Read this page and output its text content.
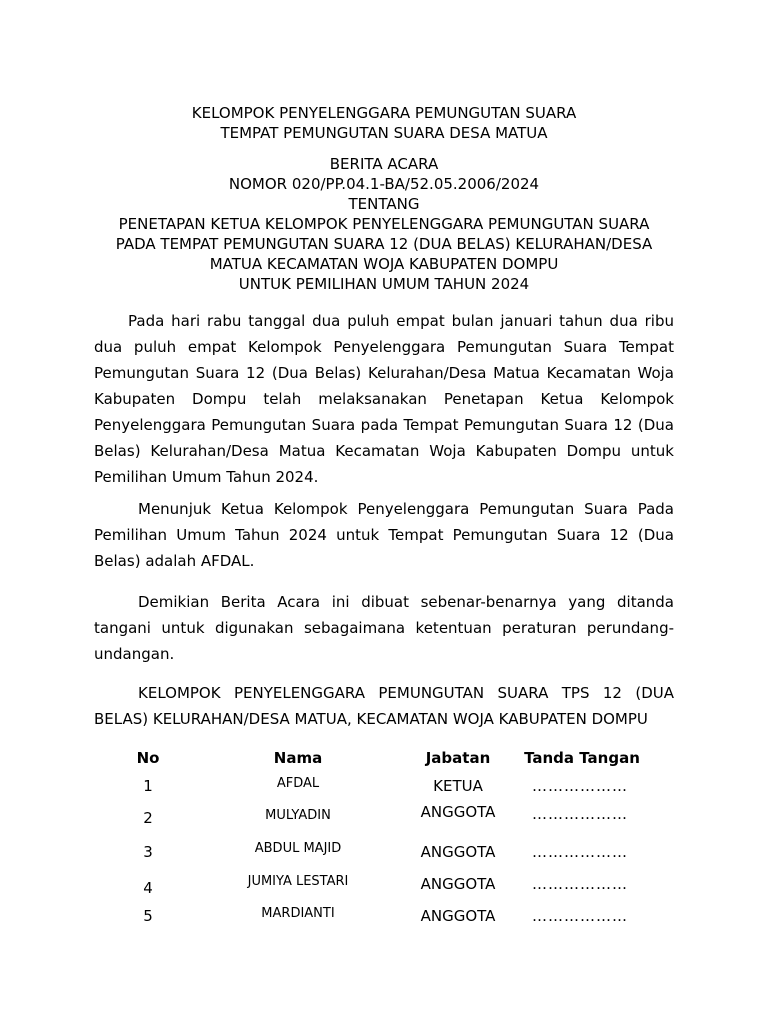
KELOMPOK PENYELENGGARA PEMUNGUTAN SUARA
TEMPAT PEMUNGUTAN SUARA DESA MATUA
BERITA ACARA
NOMOR 020/PP.04.1-BA/52.05.2006/2024
TENTANG
PENETAPAN KETUA KELOMPOK PENYELENGGARA PEMUNGUTAN SUARA
PADA TEMPAT PEMUNGUTAN SUARA 12 (DUA BELAS) KELURAHAN/DESA
MATUA KECAMATAN WOJA KABUPATEN DOMPU
UNTUK PEMILIHAN UMUM TAHUN 2024

Pada hari rabu tanggal dua puluh empat bulan januari tahun dua ribu dua puluh empat Kelompok Penyelenggara Pemungutan Suara Tempat Pemungutan Suara 12 (Dua Belas) Kelurahan/Desa Matua Kecamatan Woja Kabupaten Dompu telah melaksanakan Penetapan Ketua Kelompok Penyelenggara Pemungutan Suara pada Tempat Pemungutan Suara 12 (Dua Belas) Kelurahan/Desa Matua Kecamatan Woja Kabupaten Dompu untuk Pemilihan Umum Tahun 2024.

Menunjuk Ketua Kelompok Penyelenggara Pemungutan Suara Pada Pemilihan Umum Tahun 2024 untuk Tempat Pemungutan Suara 12 (Dua Belas) adalah AFDAL.

Demikian Berita Acara ini dibuat sebenar-benarnya yang ditanda tangani untuk digunakan sebagaimana ketentuan peraturan perundang-undangan.

KELOMPOK PENYELENGGARA PEMUNGUTAN SUARA TPS 12 (DUA BELAS) KELURAHAN/DESA MATUA, KECAMATAN WOJA KABUPATEN DOMPU

No	Nama	Jabatan	Tanda Tangan
1	AFDAL	KETUA	………………
2	MULYADIN	ANGGOTA	………………
3	ABDUL MAJID	ANGGOTA	………………
4	JUMIYA LESTARI	ANGGOTA	………………
5	MARDIANTI	ANGGOTA	………………
